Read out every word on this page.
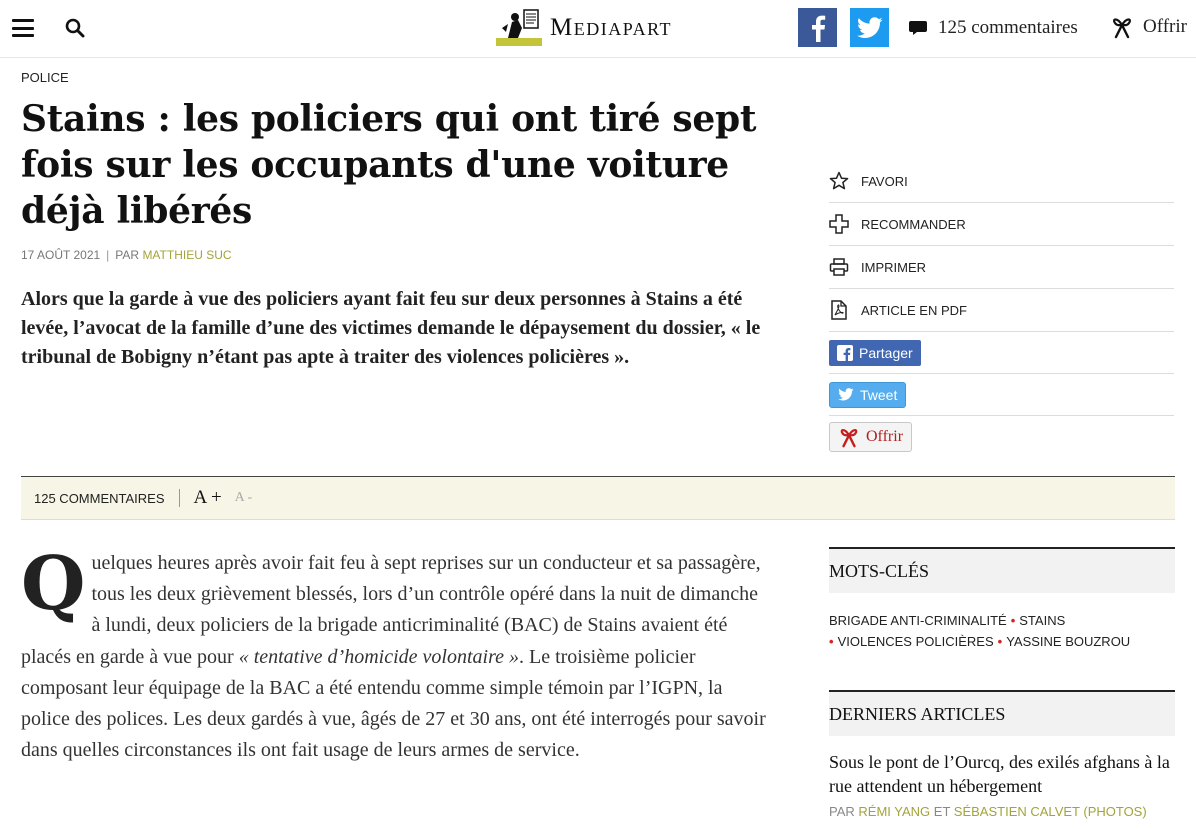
Mediapart	125 commentaires	Offrir
POLICE
Stains : les policiers qui ont tiré sept fois sur les occupants d'une voiture déjà libérés
17 AOÛT 2021 | PAR MATTHIEU SUC

Alors que la garde à vue des policiers ayant fait feu sur deux personnes à Stains a été levée, l’avocat de la famille d’une des victimes demande le dépaysement du dossier, « le tribunal de Bobigny n’étant pas apte à traiter des violences policières ».

FAVORI
RECOMMANDER
IMPRIMER
ARTICLE EN PDF
Partager
Tweet
Offrir
125 COMMENTAIRES A + A -
Quelques heures après avoir fait feu à sept reprises sur un conducteur et sa passagère, tous les deux grièvement blessés, lors d’un contrôle opéré dans la nuit de dimanche à lundi, deux policiers de la brigade anticriminalité (BAC) de Stains avaient été placés en garde à vue pour « tentative d’homicide volontaire ». Le troisième policier composant leur équipage de la BAC a été entendu comme simple témoin par l’IGPN, la police des polices. Les deux gardés à vue, âgés de 27 et 30 ans, ont été interrogés pour savoir dans quelles circonstances ils ont fait usage de leurs armes de service.
MOTS-CLÉS
BRIGADE ANTI-CRIMINALITÉ • STAINS
• VIOLENCES POLICIÈRES • YASSINE BOUZROU
DERNIERS ARTICLES
Sous le pont de l’Ourcq, des exilés afghans à la rue attendent un hébergement
PAR RÉMI YANG ET SÉBASTIEN CALVET (PHOTOS)
